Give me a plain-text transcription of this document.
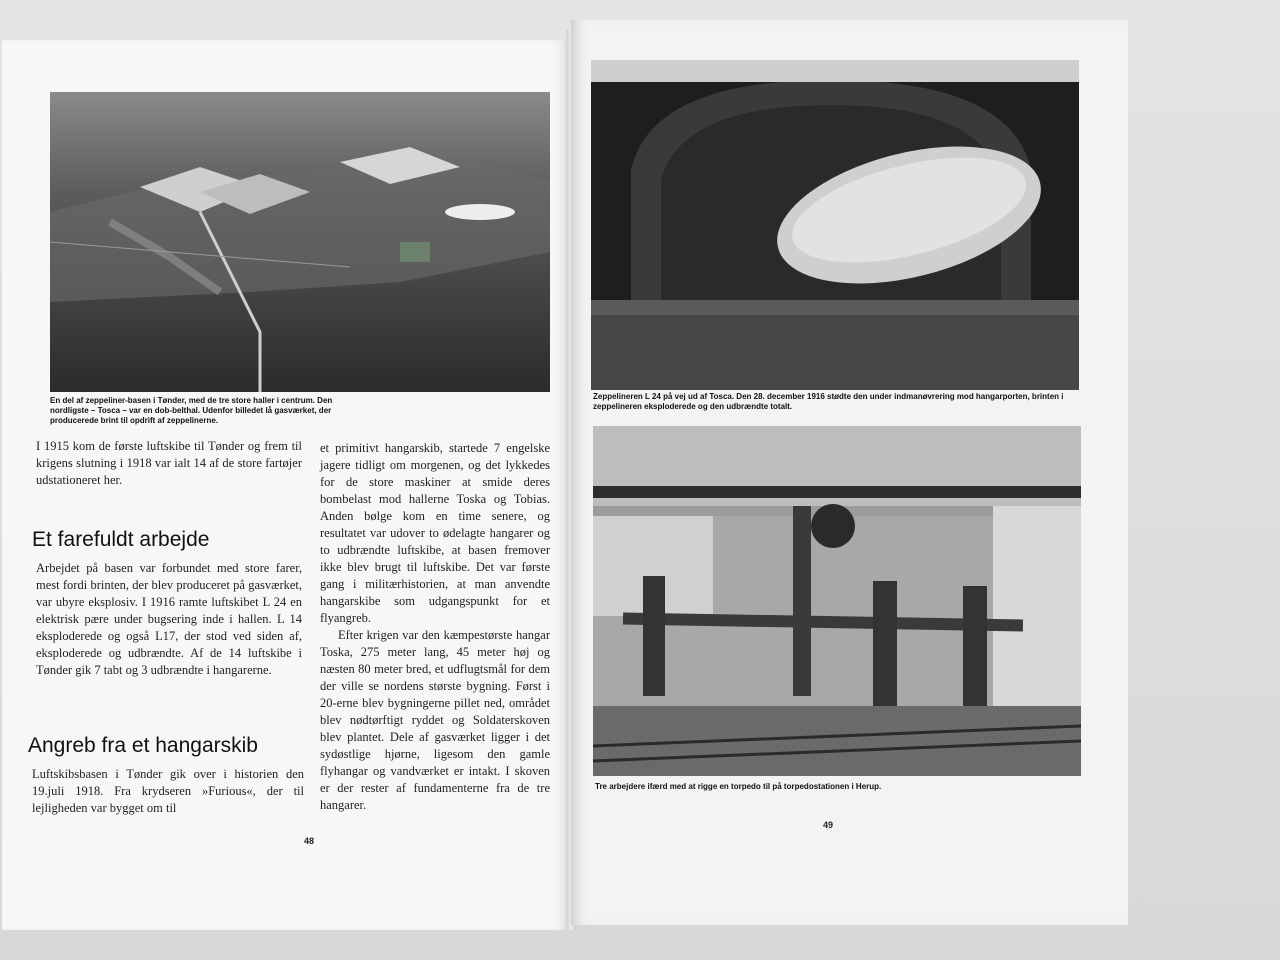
En del af zeppeliner-basen i Tønder, med de tre store haller i centrum. Den nordligste – Tosca – var en dob-belthal. Udenfor billedet lå gasværket, der producerede brint til opdrift af zeppelinerne.

I 1915 kom de første luftskibe til Tønder og frem til krigens slutning i 1918 var ialt 14 af de store fartøjer udstationeret her.

Et farefuldt arbejde

Arbejdet på basen var forbundet med store farer, mest fordi brinten, der blev produceret på gasværket, var ubyre eksplosiv. I 1916 ramte luftskibet L 24 en elektrisk pære under bugsering inde i hallen. L 14 eksploderede og også L17, der stod ved siden af, eksploderede og udbrændte. Af de 14 luftskibe i Tønder gik 7 tabt og 3 udbrændte i hangarerne.

Angreb fra et hangarskib

Luftskibsbasen i Tønder gik over i historien den 19.juli 1918. Fra krydseren »Furious«, der til lejligheden var bygget om til

et primitivt hangarskib, startede 7 engelske jagere tidligt om morgenen, og det lykkedes for de store maskiner at smide deres bombelast mod hallerne Toska og Tobias. Anden bølge kom en time senere, og resultatet var udover to ødelagte hangarer og to udbrændte luftskibe, at basen fremover ikke blev brugt til luftskibe. Det var første gang i militærhistorien, at man anvendte hangarskibe som udgangspunkt for et flyangreb.

Efter krigen var den kæmpestørste hangar Toska, 275 meter lang, 45 meter høj og næsten 80 meter bred, et udflugtsmål for dem der ville se nordens største bygning. Først i 20-erne blev bygningerne pillet ned, området blev nødtørftigt ryddet og Soldaterskoven blev plantet. Dele af gasværket ligger i det sydøstlige hjørne, ligesom den gamle flyhangar og vandværket er intakt. I skoven er der rester af fundamenterne fra de tre hangarer.

48
Zeppelineren L 24 på vej ud af Tosca. Den 28. december 1916 stødte den under indmanøvrering mod hangarporten, brinten i zeppelineren eksploderede og den udbrændte totalt.
Tre arbejdere ifærd med at rigge en torpedo til på torpedostationen i Herup.
49
